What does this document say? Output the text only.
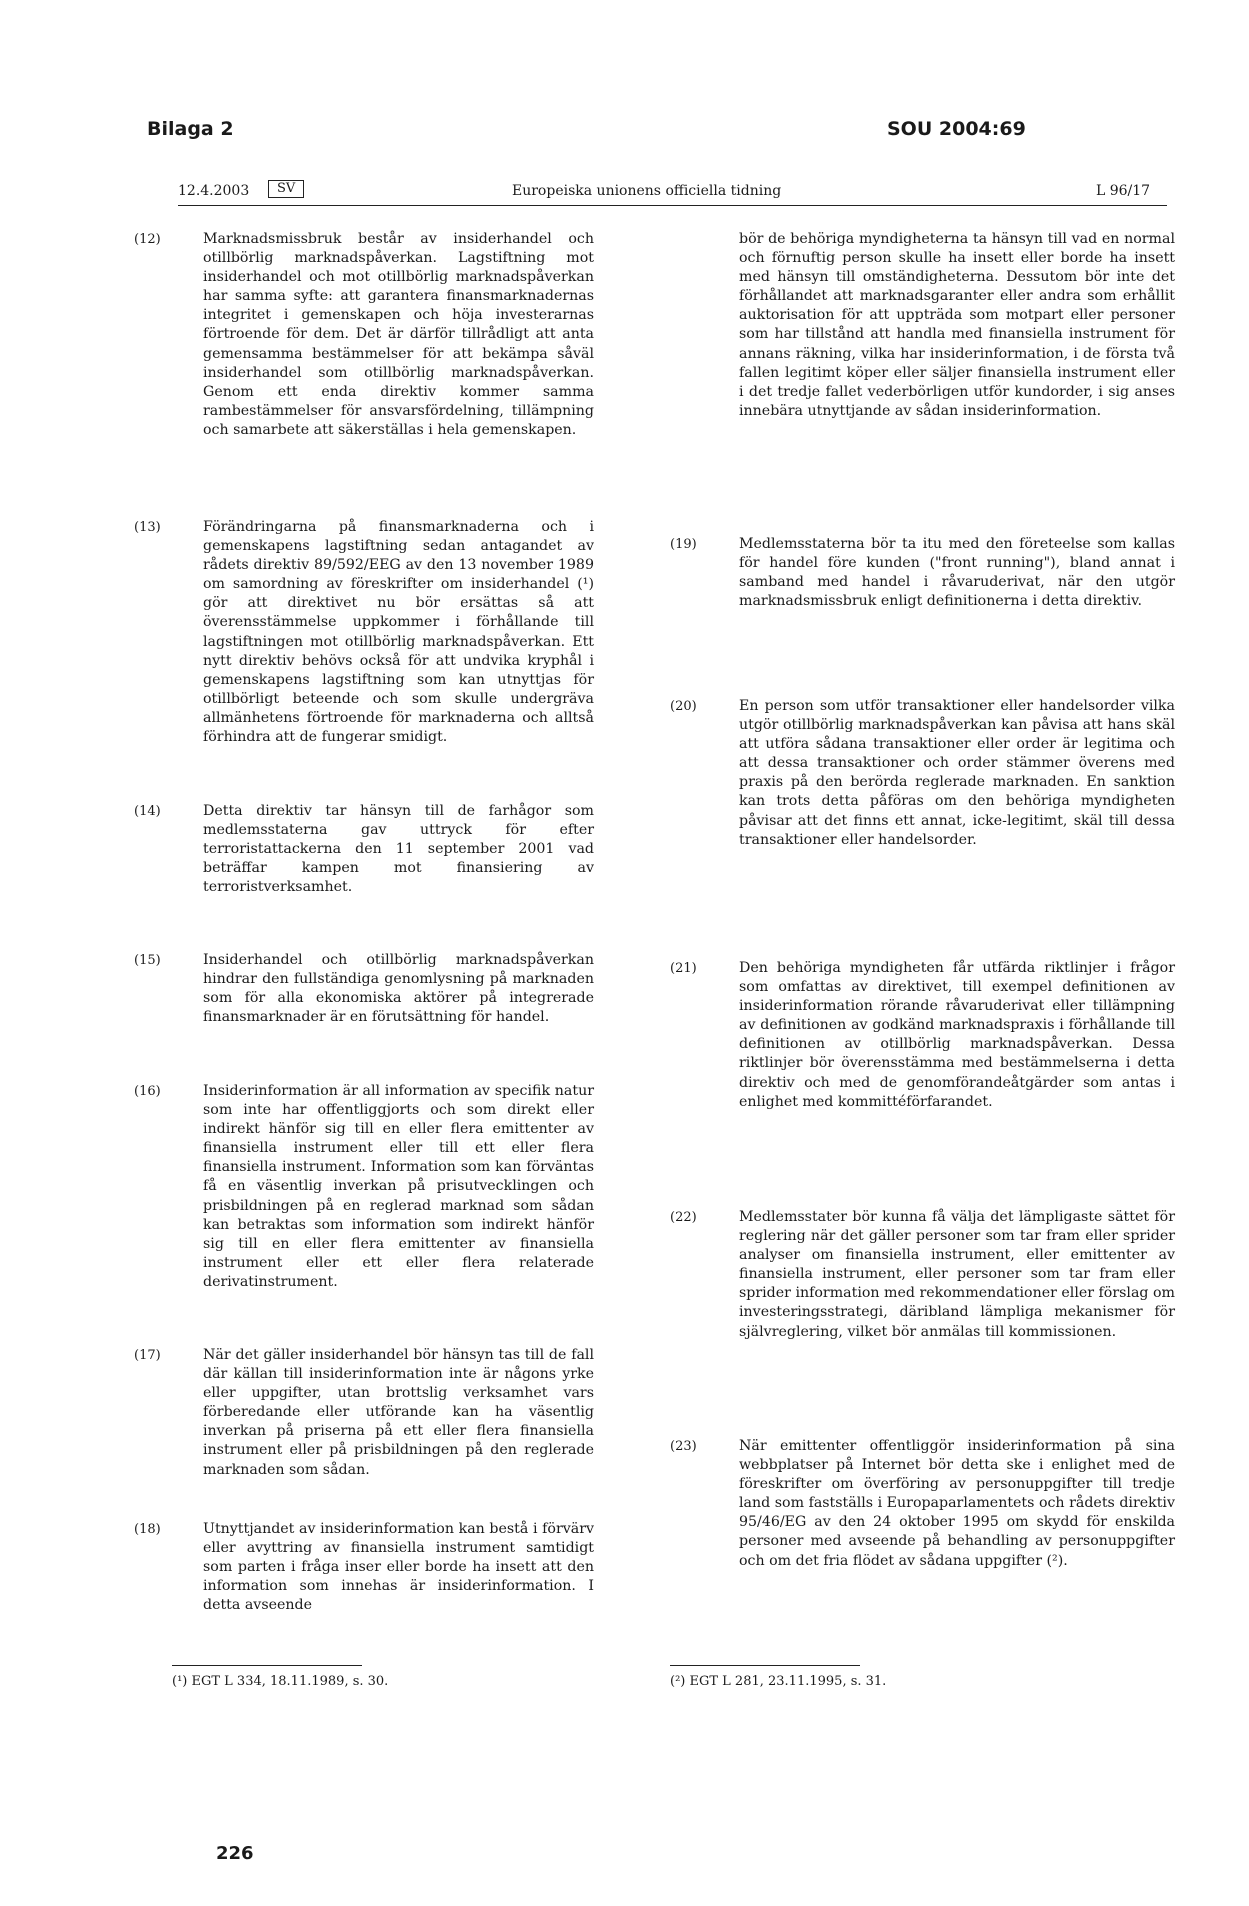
Bilaga 2	SOU 2004:69
12.4.2003	SV	Europeiska unionens officiella tidning	L 96/17
(12)	Marknadsmissbruk består av insiderhandel och otillbörlig marknadspåverkan. Lagstiftning mot insiderhandel och mot otillbörlig marknadspåverkan har samma syfte: att garantera finansmarknadernas integritet i gemenskapen och höja investerarnas förtroende för dem. Det är därför tillrådligt att anta gemensamma bestämmelser för att bekämpa såväl insiderhandel som otillbörlig marknadspåverkan. Genom ett enda direktiv kommer samma rambestämmelser för ansvarsfördelning, tillämpning och samarbete att säkerställas i hela gemenskapen.
(13)	Förändringarna på finansmarknaderna och i gemenskapens lagstiftning sedan antagandet av rådets direktiv 89/592/EEG av den 13 november 1989 om samordning av föreskrifter om insiderhandel (¹) gör att direktivet nu bör ersättas så att överensstämmelse uppkommer i förhållande till lagstiftningen mot otillbörlig marknadspåverkan. Ett nytt direktiv behövs också för att undvika kryphål i gemenskapens lagstiftning som kan utnyttjas för otillbörligt beteende och som skulle undergräva allmänhetens förtroende för marknaderna och alltså förhindra att de fungerar smidigt.
(14)	Detta direktiv tar hänsyn till de farhågor som medlemsstaterna gav uttryck för efter terroristattackerna den 11 september 2001 vad beträffar kampen mot finansiering av terroristverksamhet.
(15)	Insiderhandel och otillbörlig marknadspåverkan hindrar den fullständiga genomlysning på marknaden som för alla ekonomiska aktörer på integrerade finansmarknader är en förutsättning för handel.
(16)	Insiderinformation är all information av specifik natur som inte har offentliggjorts och som direkt eller indirekt hänför sig till en eller flera emittenter av finansiella instrument eller till ett eller flera finansiella instrument. Information som kan förväntas få en väsentlig inverkan på prisutvecklingen och prisbildningen på en reglerad marknad som sådan kan betraktas som information som indirekt hänför sig till en eller flera emittenter av finansiella instrument eller ett eller flera relaterade derivatinstrument.
(17)	När det gäller insiderhandel bör hänsyn tas till de fall där källan till insiderinformation inte är någons yrke eller uppgifter, utan brottslig verksamhet vars förberedande eller utförande kan ha väsentlig inverkan på priserna på ett eller flera finansiella instrument eller på prisbildningen på den reglerade marknaden som sådan.
(18)	Utnyttjandet av insiderinformation kan bestå i förvärv eller avyttring av finansiella instrument samtidigt som parten i fråga inser eller borde ha insett att den information som innehas är insiderinformation. I detta avseende
bör de behöriga myndigheterna ta hänsyn till vad en normal och förnuftig person skulle ha insett eller borde ha insett med hänsyn till omständigheterna. Dessutom bör inte det förhållandet att marknadsgaranter eller andra som erhållit auktorisation för att uppträda som motpart eller personer som har tillstånd att handla med finansiella instrument för annans räkning, vilka har insiderinformation, i de första två fallen legitimt köper eller säljer finansiella instrument eller i det tredje fallet vederbörligen utför kundorder, i sig anses innebära utnyttjande av sådan insiderinformation.
(19)	Medlemsstaterna bör ta itu med den företeelse som kallas för handel före kunden ("front running"), bland annat i samband med handel i råvaruderivat, när den utgör marknadsmissbruk enligt definitionerna i detta direktiv.
(20)	En person som utför transaktioner eller handelsorder vilka utgör otillbörlig marknadspåverkan kan påvisa att hans skäl att utföra sådana transaktioner eller order är legitima och att dessa transaktioner och order stämmer överens med praxis på den berörda reglerade marknaden. En sanktion kan trots detta påföras om den behöriga myndigheten påvisar att det finns ett annat, icke-legitimt, skäl till dessa transaktioner eller handelsorder.
(21)	Den behöriga myndigheten får utfärda riktlinjer i frågor som omfattas av direktivet, till exempel definitionen av insiderinformation rörande råvaruderivat eller tillämpning av definitionen av godkänd marknadspraxis i förhållande till definitionen av otillbörlig marknadspåverkan. Dessa riktlinjer bör överensstämma med bestämmelserna i detta direktiv och med de genomförandeåtgärder som antas i enlighet med kommittéförfarandet.
(22)	Medlemsstater bör kunna få välja det lämpligaste sättet för reglering när det gäller personer som tar fram eller sprider analyser om finansiella instrument, eller emittenter av finansiella instrument, eller personer som tar fram eller sprider information med rekommendationer eller förslag om investeringsstrategi, däribland lämpliga mekanismer för självreglering, vilket bör anmälas till kommissionen.
(23)	När emittenter offentliggör insiderinformation på sina webbplatser på Internet bör detta ske i enlighet med de föreskrifter om överföring av personuppgifter till tredje land som fastställs i Europaparlamentets och rådets direktiv 95/46/EG av den 24 oktober 1995 om skydd för enskilda personer med avseende på behandling av personuppgifter och om det fria flödet av sådana uppgifter (²).
(¹) EGT L 334, 18.11.1989, s. 30.	(²) EGT L 281, 23.11.1995, s. 31.
226
